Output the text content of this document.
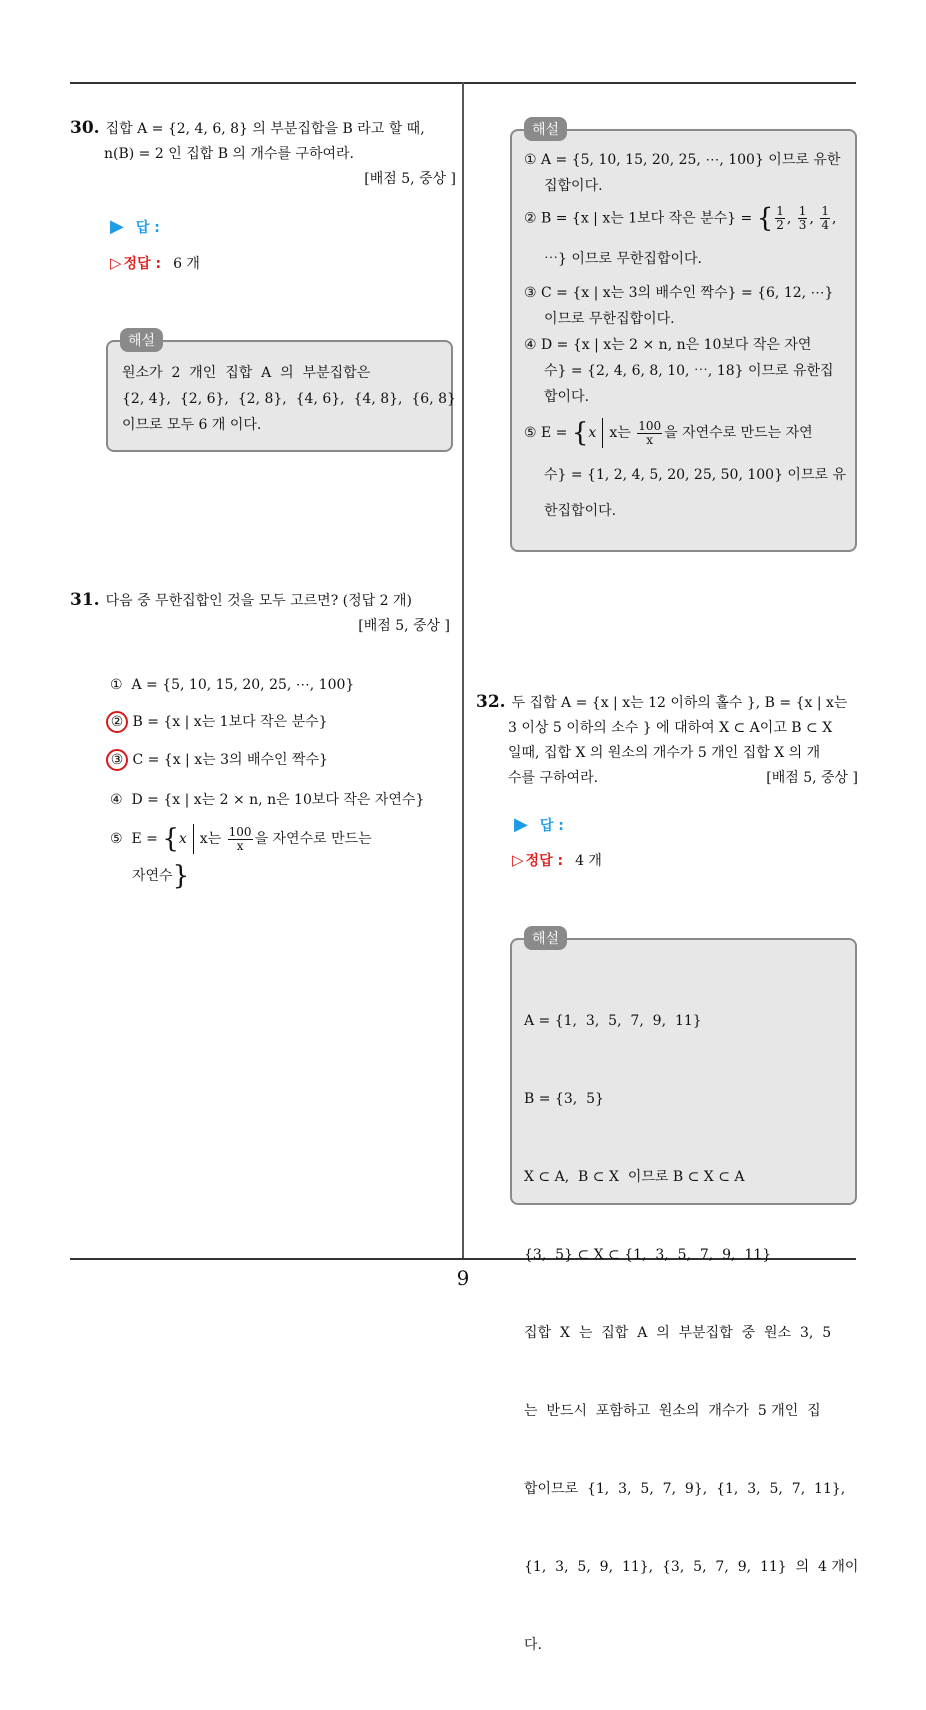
30. 집합 A = {2, 4, 6, 8} 의 부분집합을 B 라고 할 때,
n(B) = 2 인 집합 B 의 개수를 구하여라.
[배점 5, 중상 ]
▶ 답 :
▷ 정답 : 6 개

원소가  2  개인  집합  A  의  부분집합은

{2, 4},  {2, 6},  {2, 8},  {4, 6},  {4, 8},  {6, 8}

이므로 모두 6 개 이다.

해설
31. 다음 중 무한집합인 것을 모두 고르면? (정답 2 개)
[배점 5, 중상 ]
① A = {5, 10, 15, 20, 25, ⋯, 100}
② B = {x | x는 1보다 작은 분수}
③ C = {x | x는 3의 배수인 짝수}
④ D = {x | x는 2 × n, n은 10보다 작은 자연수}
⑤ E = {x x는 $\frac{100}{x}$ 을 자연수로 만드는
자연수}

① A = {5, 10, 15, 20, 25, ⋯, 100} 이므로 유한

집합이다.

② B = {x | x는 1보다 작은 분수} = { $\frac{1}{2}$ , $\frac{1}{3}$ , $\frac{1}{4}$ ,

⋯} 이므로 무한집합이다.

③ C = {x | x는 3의 배수인 짝수} = {6, 12, ⋯}

이므로 무한집합이다.

④ D = {x | x는 2 × n, n은 10보다 작은 자연

수} = {2, 4, 6, 8, 10, ⋯, 18} 이므로 유한집

합이다.

⑤ E = {x x는 $\frac{100}{x}$ 을 자연수로 만드는 자연

수} = {1, 2, 4, 5, 20, 25, 50, 100} 이므로 유

한집합이다.

해설
32. 두 집합 A = {x | x는 12 이하의 홀수 }, B = {x | x는
3 이상 5 이하의 소수 } 에 대하여 X ⊂ A이고 B ⊂ X
일때, 집합 X 의 원소의 개수가 5 개인 집합 X 의 개
수를 구하여라.	[배점 5, 중상 ]
▶ 답 :
▷ 정답 : 4 개

A = {1,  3,  5,  7,  9,  11}

B = {3,  5}

X ⊂ A,  B ⊂ X  이므로 B ⊂ X ⊂ A

{3,  5} ⊂ X ⊂ {1,  3,  5,  7,  9,  11}

집합  X  는  집합  A  의  부분집합  중  원소  3,  5

는  반드시  포함하고  원소의  개수가  5 개인  집

합이므로  {1,  3,  5,  7,  9},  {1,  3,  5,  7,  11},

{1,  3,  5,  9,  11},  {3,  5,  7,  9,  11}  의  4 개이

다.

해설
9
